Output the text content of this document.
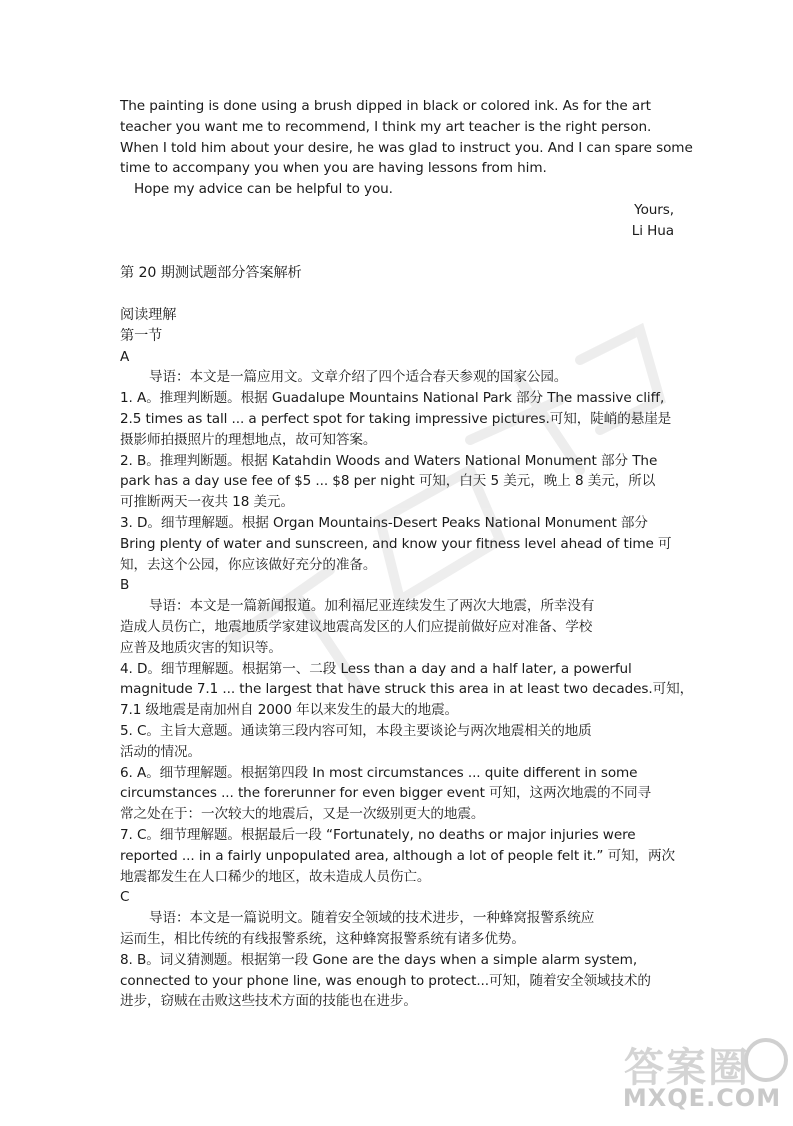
The painting is done using a brush dipped in black or colored ink. As for the art
teacher you want me to recommend, I think my art teacher is the right person.
When I told him about your desire, he was glad to instruct you. And I can spare some
time to accompany you when you are having lessons from him.
Hope my advice can be helpful to you.
Yours,
Li Hua
第 20 期测试题部分答案解析
阅读理解
第一节
A
导语：本文是一篇应用文。文章介绍了四个适合春天参观的国家公园。
1. A。推理判断题。根据 Guadalupe Mountains National Park 部分 The massive cliff,
2.5 times as tall ... a perfect spot for taking impressive pictures.可知，陡峭的悬崖是
摄影师拍摄照片的理想地点，故可知答案。
2. B。推理判断题。根据 Katahdin Woods and Waters National Monument 部分 The
park has a day use fee of $5 ... $8 per night 可知，白天 5 美元，晚上 8 美元，所以
可推断两天一夜共 18 美元。
3. D。细节理解题。根据 Organ Mountains-Desert Peaks National Monument 部分
Bring plenty of water and sunscreen, and know your fitness level ahead of time 可
知，去这个公园，你应该做好充分的准备。
B
导语：本文是一篇新闻报道。加利福尼亚连续发生了两次大地震，所幸没有
造成人员伤亡，地震地质学家建议地震高发区的人们应提前做好应对准备、学校
应普及地质灾害的知识等。
4. D。细节理解题。根据第一、二段 Less than a day and a half later, a powerful
magnitude 7.1 ... the largest that have struck this area in at least two decades.可知，
7.1 级地震是南加州自 2000 年以来发生的最大的地震。
5. C。主旨大意题。通读第三段内容可知，本段主要谈论与两次地震相关的地质
活动的情况。
6. A。细节理解题。根据第四段 In most circumstances ... quite different in some
circumstances ... the forerunner for even bigger event 可知，这两次地震的不同寻
常之处在于：一次较大的地震后，又是一次级别更大的地震。
7. C。细节理解题。根据最后一段 “Fortunately, no deaths or major injuries were
reported ... in a fairly unpopulated area, although a lot of people felt it.” 可知，两次
地震都发生在人口稀少的地区，故未造成人员伤亡。
C
导语：本文是一篇说明文。随着安全领域的技术进步，一种蜂窝报警系统应
运而生，相比传统的有线报警系统，这种蜂窝报警系统有诸多优势。
8. B。词义猜测题。根据第一段 Gone are the days when a simple alarm system,
connected to your phone line, was enough to protect...可知，随着安全领域技术的
进步，窃贼在击败这些技术方面的技能也在进步。
答案圈
MXQE.COM
